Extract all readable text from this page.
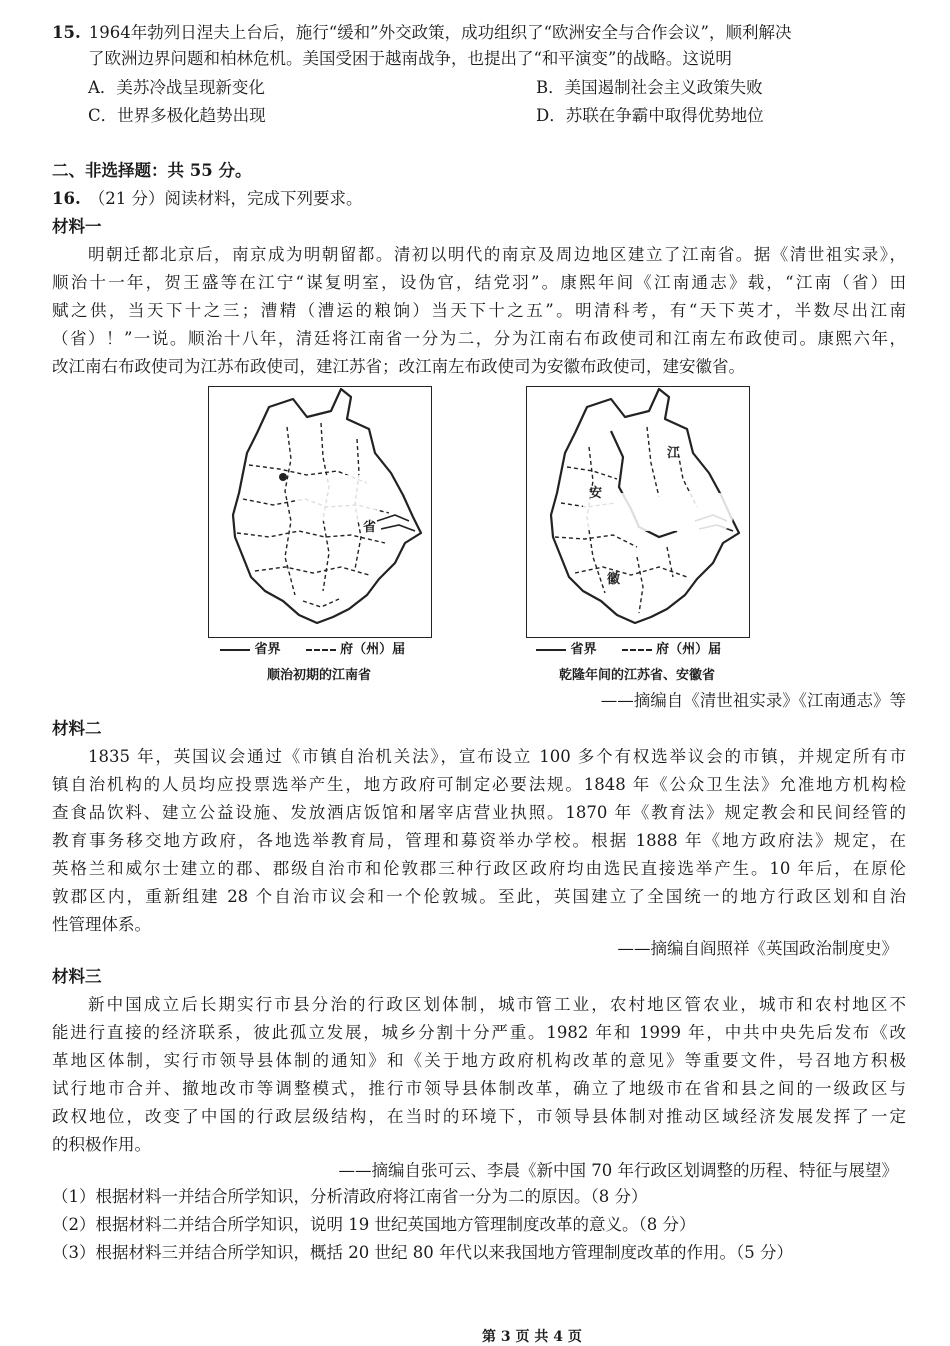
15. 1964年勃列日涅夫上台后，施行“缓和”外交政策，成功组织了“欧洲安全与合作会议”，顺利解决
了欧洲边界问题和柏林危机。美国受困于越南战争，也提出了“和平演变”的战略。这说明
A．美苏冷战呈现新变化	B．美国遏制社会主义政策失败
C．世界多极化趋势出现	D．苏联在争霸中取得优势地位
二、非选择题：共 55 分。
16. （21 分）阅读材料，完成下列要求。
材料一
明朝迁都北京后，南京成为明朝留都。清初以明代的南京及周边地区建立了江南省。据《清世祖实录》，
顺治十一年，贺王盛等在江宁“谋复明室，设伪官，结党羽”。康熙年间《江南通志》载，“江南（省）田
赋之供，当天下十之三；漕精（漕运的粮饷）当天下十之五”。明清科考，有“天下英才，半数尽出江南
（省）！”一说。顺治十八年，清廷将江南省一分为二，分为江南右布政使司和江南左布政使司。康熙六年，
改江南右布政使司为江苏布政使司，建江苏省；改江南左布政使司为安徽布政使司，建安徽省。
省
省界	府（州）届
顺治初期的江南省
江
安
徽
省界	府（州）届
乾隆年间的江苏省、安徽省
——摘编自《清世祖实录》《江南通志》等
材料二
1835 年，英国议会通过《市镇自治机关法》，宣布设立 100 多个有权选举议会的市镇，并规定所有市
镇自治机构的人员均应投票选举产生，地方政府可制定必要法规。1848 年《公众卫生法》允准地方机构检
查食品饮料、建立公益设施、发放酒店饭馆和屠宰店营业执照。1870 年《教育法》规定教会和民间经管的
教育事务移交地方政府，各地选举教育局，管理和募资举办学校。根据 1888 年《地方政府法》规定，在
英格兰和威尔士建立的郡、郡级自治市和伦敦郡三种行政区政府均由选民直接选举产生。10 年后，在原伦
敦郡区内，重新组建 28 个自治市议会和一个伦敦城。至此，英国建立了全国统一的地方行政区划和自治
性管理体系。
——摘编自阎照祥《英国政治制度史》
材料三
新中国成立后长期实行市县分治的行政区划体制，城市管工业，农村地区管农业，城市和农村地区不
能进行直接的经济联系，彼此孤立发展，城乡分割十分严重。1982 年和 1999 年，中共中央先后发布《改
革地区体制，实行市领导县体制的通知》和《关于地方政府机构改革的意见》等重要文件，号召地方积极
试行地市合并、撤地改市等调整模式，推行市领导县体制改革，确立了地级市在省和县之间的一级政区与
政权地位，改变了中国的行政层级结构，在当时的环境下，市领导县体制对推动区域经济发展发挥了一定
的积极作用。
——摘编自张可云、李晨《新中国 70 年行政区划调整的历程、特征与展望》
（1）根据材料一并结合所学知识，分析清政府将江南省一分为二的原因。（8 分）
（2）根据材料二并结合所学知识，说明 19 世纪英国地方管理制度改革的意义。（8 分）
（3）根据材料三并结合所学知识，概括 20 世纪 80 年代以来我国地方管理制度改革的作用。（5 分）
第 3 页 共 4 页
